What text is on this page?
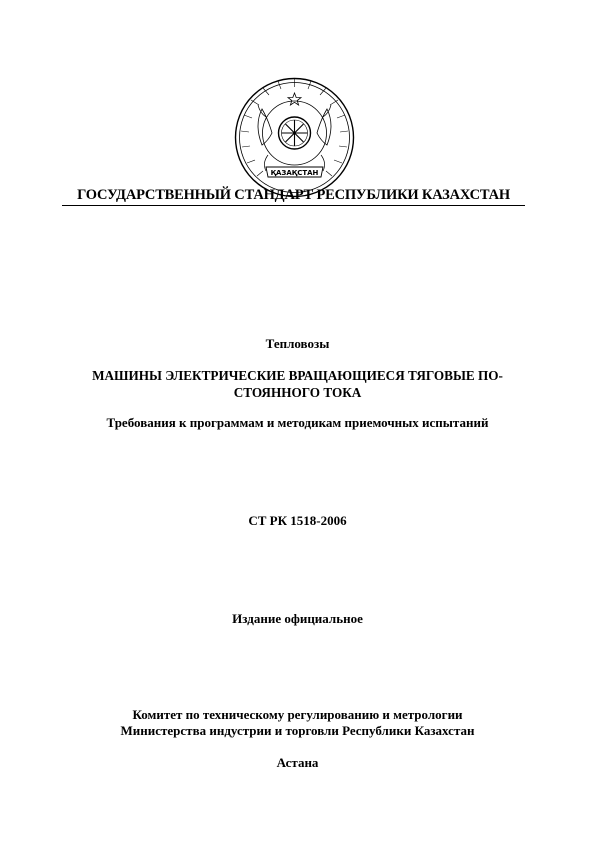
ҚАЗАҚСТАН
ГОСУДАРСТВЕННЫЙ СТАНДАРТ РЕСПУБЛИКИ КАЗАХСТАН
Тепловозы
МАШИНЫ ЭЛЕКТРИЧЕСКИЕ ВРАЩАЮЩИЕСЯ ТЯГОВЫЕ ПО-
СТОЯННОГО ТОКА
Требования к программам и методикам приемочных испытаний
СТ РК 1518-2006
Издание официальное
Комитет по техническому регулированию и метрологии
Министерства индустрии и торговли Республики Казахстан
Астана
